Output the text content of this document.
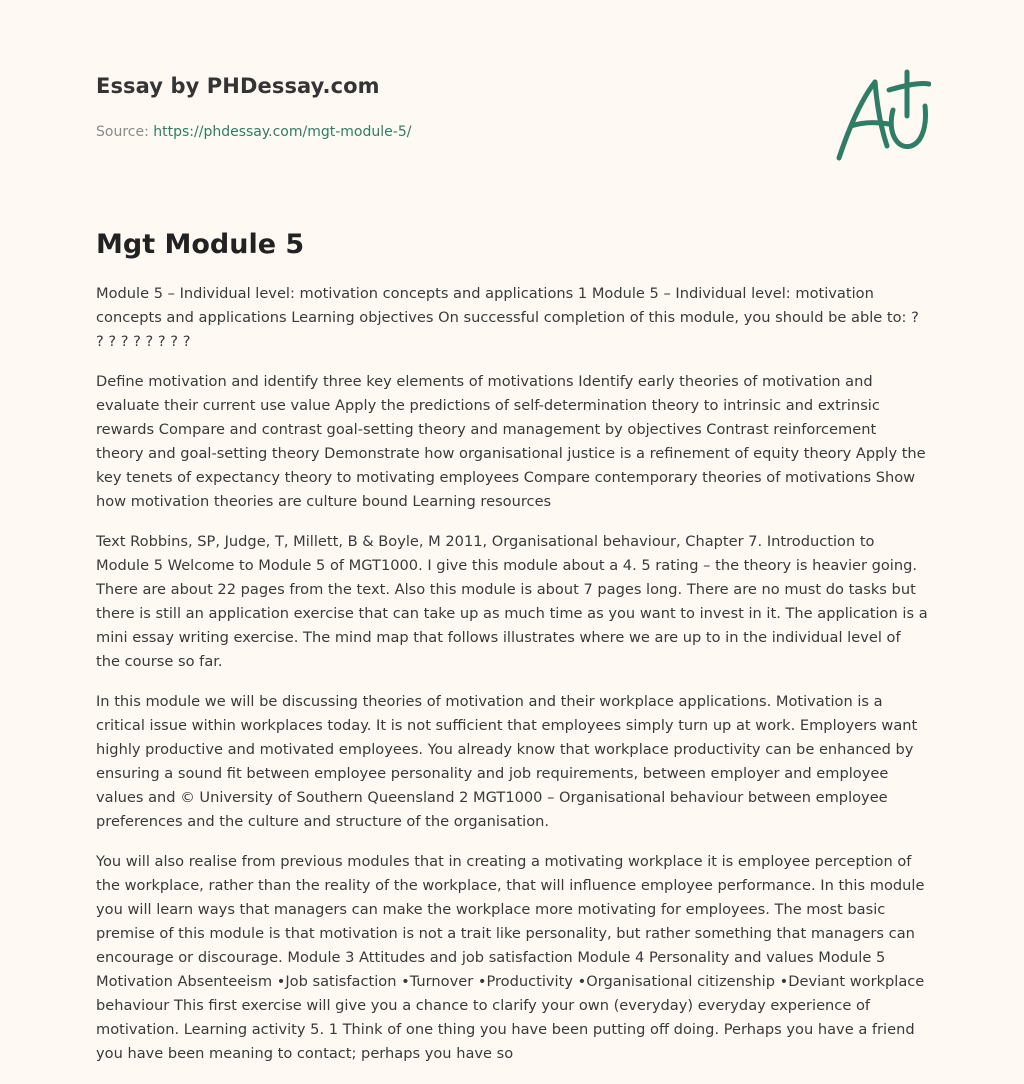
Essay by PHDessay.com
Source: https://phdessay.com/mgt-module-5/
Mgt Module 5

Module 5 – Individual level: motivation concepts and applications 1 Module 5 – Individual level: motivation concepts and applications Learning objectives On successful completion of this module, you should be able to: ? ? ? ? ? ? ? ? ?

Define motivation and identify three key elements of motivations Identify early theories of motivation and evaluate their current use value Apply the predictions of self-determination theory to intrinsic and extrinsic rewards Compare and contrast goal-setting theory and management by objectives Contrast reinforcement theory and goal-setting theory Demonstrate how organisational justice is a refinement of equity theory Apply the key tenets of expectancy theory to motivating employees Compare contemporary theories of motivations Show how motivation theories are culture bound Learning resources

Text Robbins, SP, Judge, T, Millett, B & Boyle, M 2011, Organisational behaviour, Chapter 7. Introduction to Module 5 Welcome to Module 5 of MGT1000. I give this module about a 4. 5 rating – the theory is heavier going. There are about 22 pages from the text. Also this module is about 7 pages long. There are no must do tasks but there is still an application exercise that can take up as much time as you want to invest in it. The application is a mini essay writing exercise. The mind map that follows illustrates where we are up to in the individual level of the course so far.

In this module we will be discussing theories of motivation and their workplace applications. Motivation is a critical issue within workplaces today. It is not sufficient that employees simply turn up at work. Employers want highly productive and motivated employees. You already know that workplace productivity can be enhanced by ensuring a sound fit between employee personality and job requirements, between employer and employee values and © University of Southern Queensland 2 MGT1000 – Organisational behaviour between employee preferences and the culture and structure of the organisation.

You will also realise from previous modules that in creating a motivating workplace it is employee perception of the workplace, rather than the reality of the workplace, that will influence employee performance. In this module you will learn ways that managers can make the workplace more motivating for employees. The most basic premise of this module is that motivation is not a trait like personality, but rather something that managers can encourage or discourage. Module 3 Attitudes and job satisfaction Module 4 Personality and values Module 5 Motivation Absenteeism •Job satisfaction •Turnover •Productivity •Organisational citizenship •Deviant workplace behaviour This first exercise will give you a chance to clarify your own (everyday) everyday experience of motivation. Learning activity 5. 1 Think of one thing you have been putting off doing. Perhaps you have a friend you have been meaning to contact; perhaps you have so
